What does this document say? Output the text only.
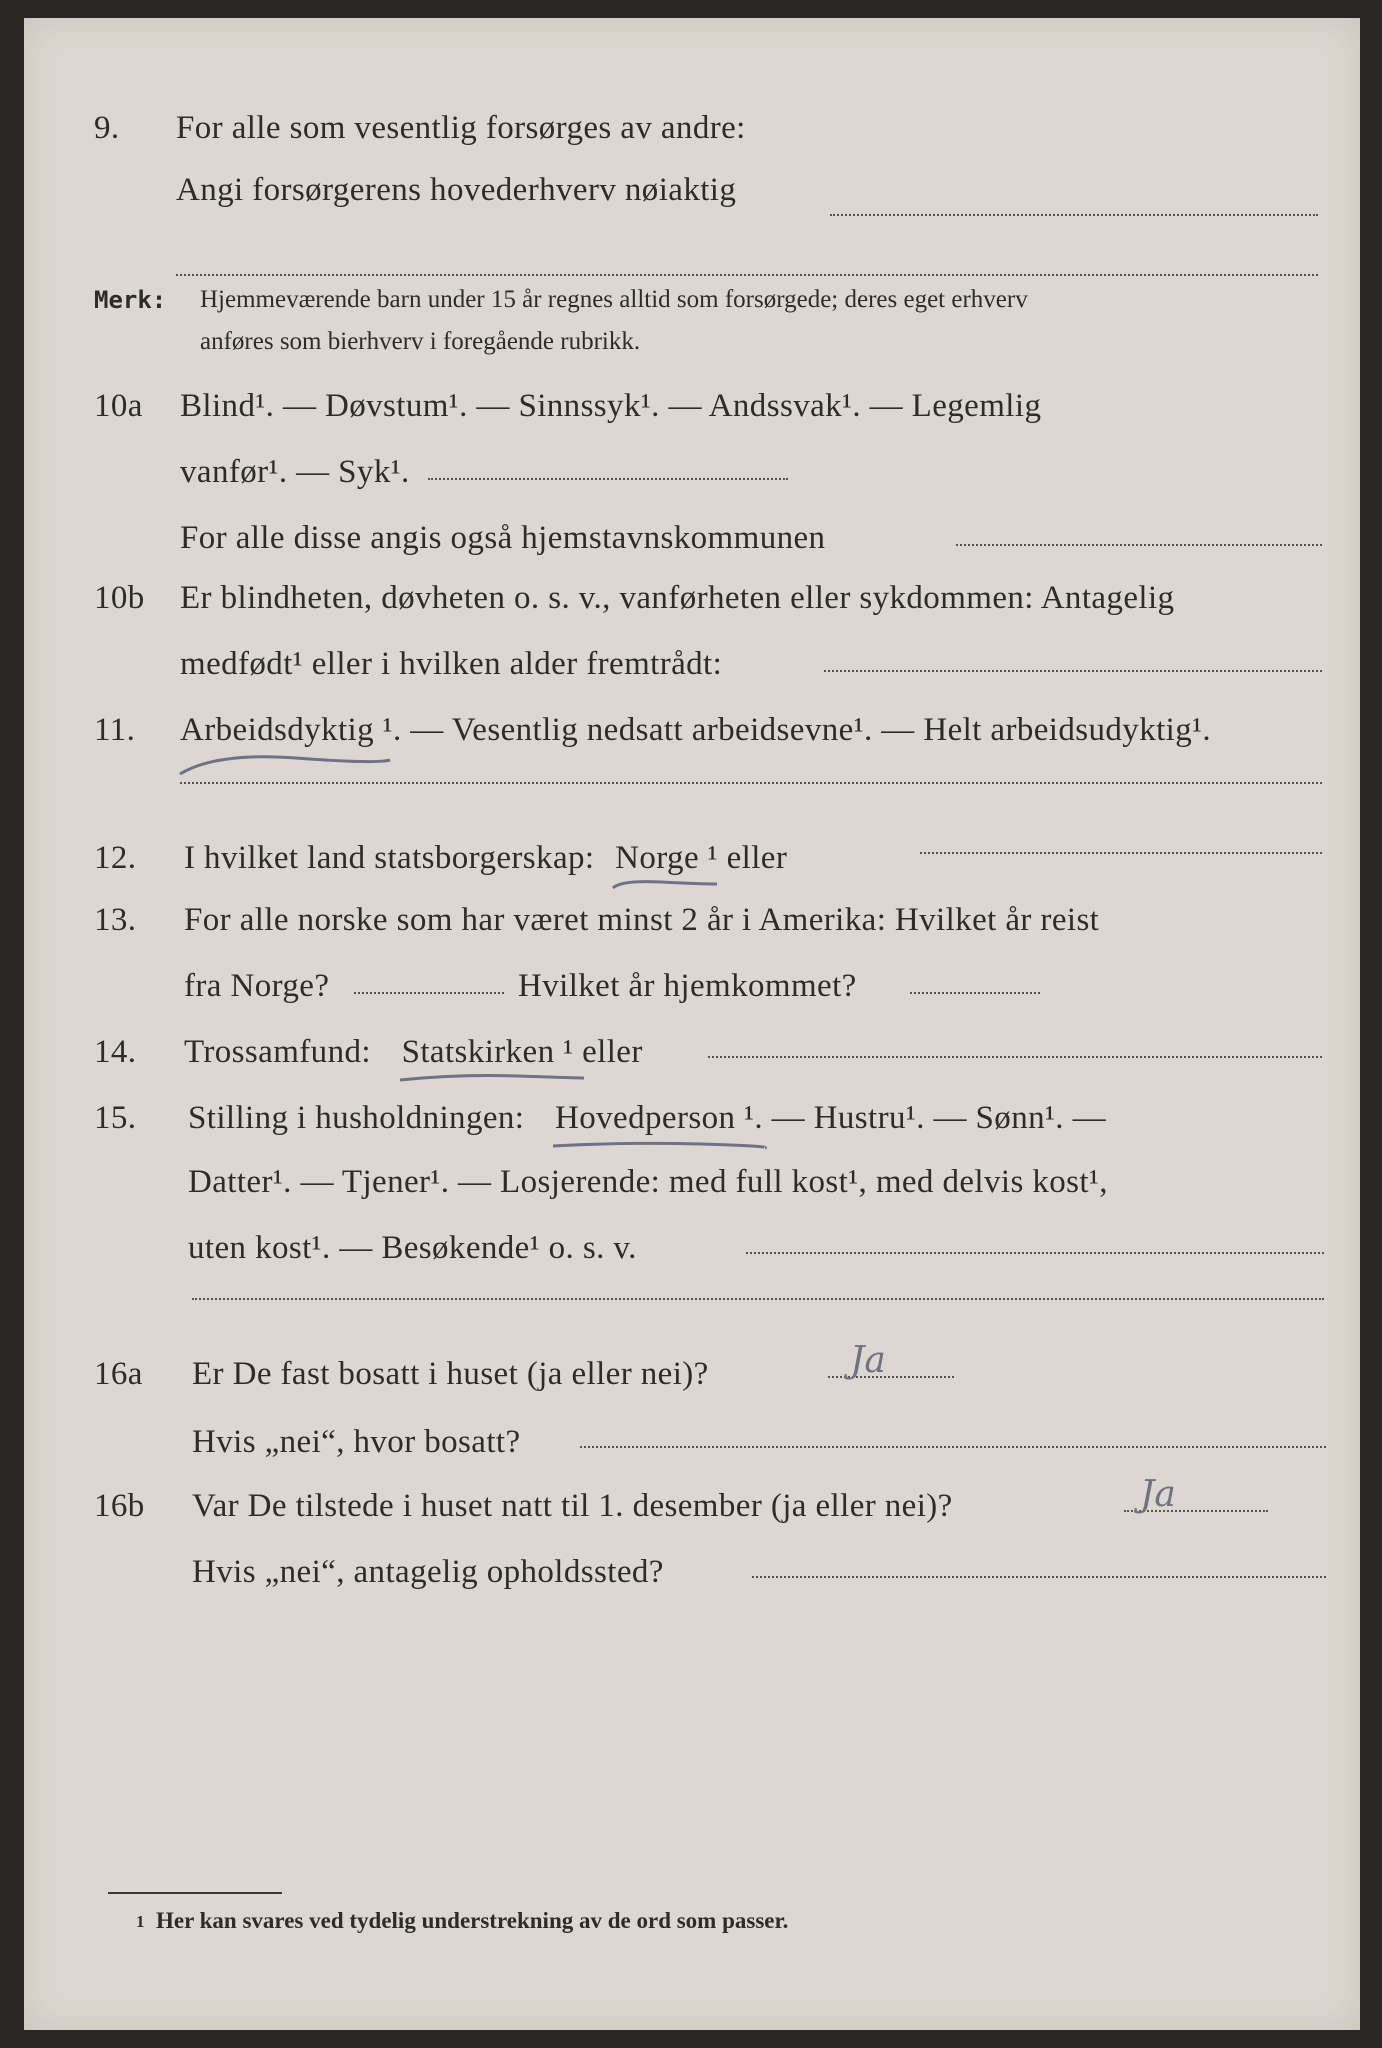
9. For alle som vesentlig forsørges av andre:
Angi forsørgerens hovederhverv nøiaktig
Merk: Hjemmeværende barn under 15 år regnes alltid som forsørgede; deres eget erhverv
anføres som bierhverv i foregående rubrikk.
10a Blind¹. — Døvstum¹. — Sinnssyk¹. — Andssvak¹. — Legemlig
vanfør¹. — Syk¹.
For alle disse angis også hjemstavnskommunen
10b Er blindheten, døvheten o. s. v., vanførheten eller sykdommen: Antagelig
medfødt¹ eller i hvilken alder fremtrådt:
11. Arbeidsdyktig ¹. — Vesentlig nedsatt arbeidsevne¹. — Helt arbeidsudyktig¹.
12. I hvilket land statsborgerskap: Norge ¹ eller
13. For alle norske som har været minst 2 år i Amerika: Hvilket år reist
fra Norge?	Hvilket år hjemkommet?
14. Trossamfund: Statskirken ¹ eller
15. Stilling i husholdningen: Hovedperson ¹. — Hustru¹. — Sønn¹. —
Datter¹. — Tjener¹. — Losjerende: med full kost¹, med delvis kost¹,
uten kost¹. — Besøkende¹ o. s. v.
16a Er De fast bosatt i huset (ja eller nei)?	Ja
Hvis „nei“, hvor bosatt?
16b Var De tilstede i huset natt til 1. desember (ja eller nei)?	Ja
Hvis „nei“, antagelig opholdssted?
1 Her kan svares ved tydelig understrekning av de ord som passer.
